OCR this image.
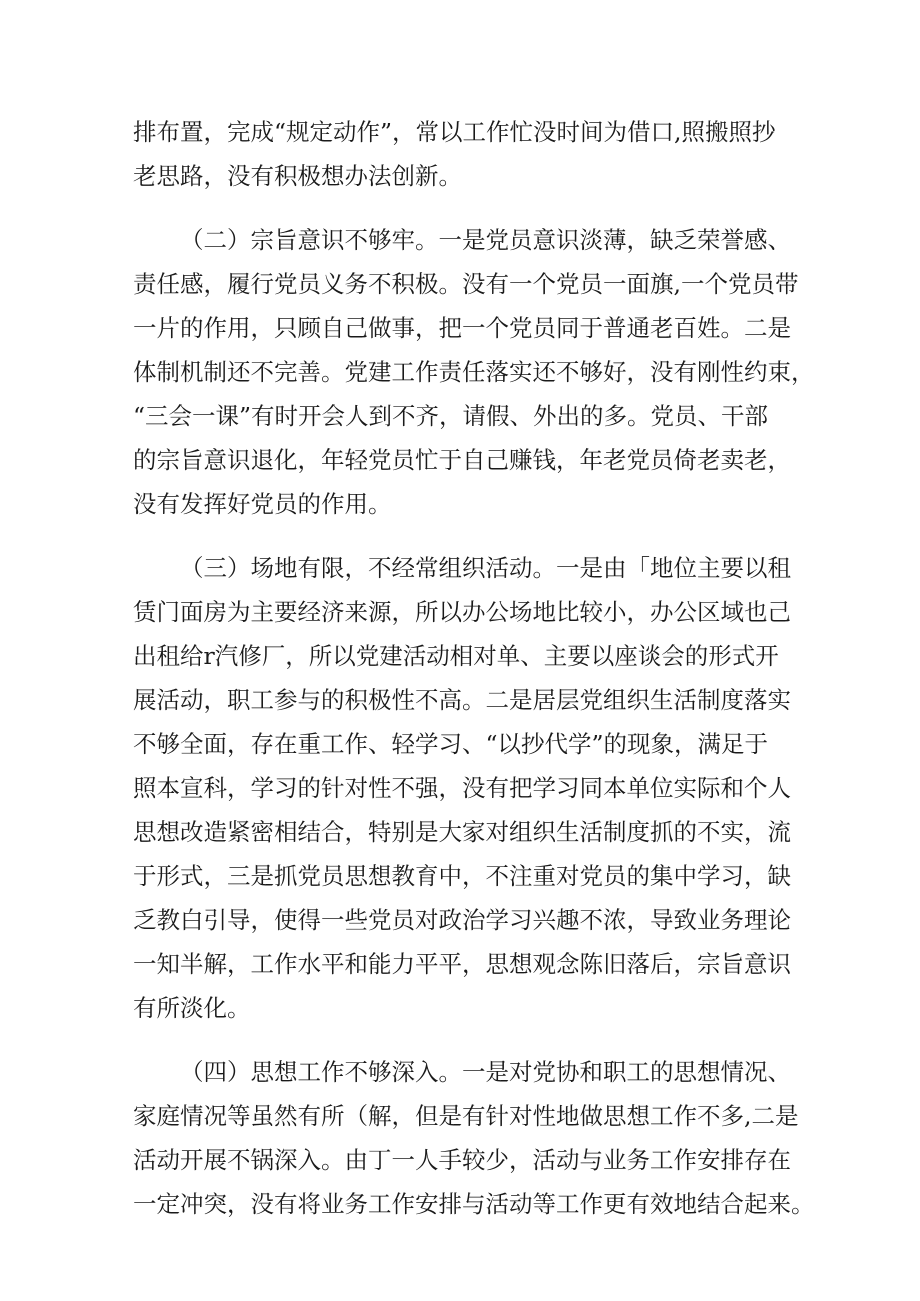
排布置，完成“规定动作”，常以工作忙没时间为借口,照搬照抄
老思路，没有积极想办法创新。
（二）宗旨意识不够牢。一是党员意识淡薄，缺乏荣誉感、
责任感，履行党员义务不积极。没有一个党员一面旗,一个党员带
一片的作用，只顾自己做事，把一个党员同于普通老百姓。二是
体制机制还不完善。党建工作责任落实还不够好，没有刚性约束，
“三会一课”有时开会人到不齐，请假、外出的多。党员、干部
的宗旨意识退化，年轻党员忙于自己赚钱，年老党员倚老卖老，
没有发挥好党员的作用。
（三）场地有限，不经常组织活动。一是由「地位主要以租
赁门面房为主要经济来源，所以办公场地比较小，办公区域也己
出租给r汽修厂，所以党建活动相对单、主要以座谈会的形式开
展活动，职工参与的积极性不高。二是居层党组织生活制度落实
不够全面，存在重工作、轻学习、“以抄代学”的现象，满足于
照本宣科，学习的针对性不强，没有把学习同本单位实际和个人
思想改造紧密相结合，特别是大家对组织生活制度抓的不实，流
于形式，三是抓党员思想教育中，不注重对党员的集中学习，缺
乏教白引导，使得一些党员对政治学习兴趣不浓，导致业务理论
一知半解，工作水平和能力平平，思想观念陈旧落后，宗旨意识
有所淡化。
（四）思想工作不够深入。一是对党协和职工的思想情况、
家庭情况等虽然有所（解，但是有针对性地做思想工作不多,二是
活动开展不锅深入。由丁一人手较少，活动与业务工作安排存在
一定冲突，没有将业务工作安排与活动等工作更有效地结合起来。
